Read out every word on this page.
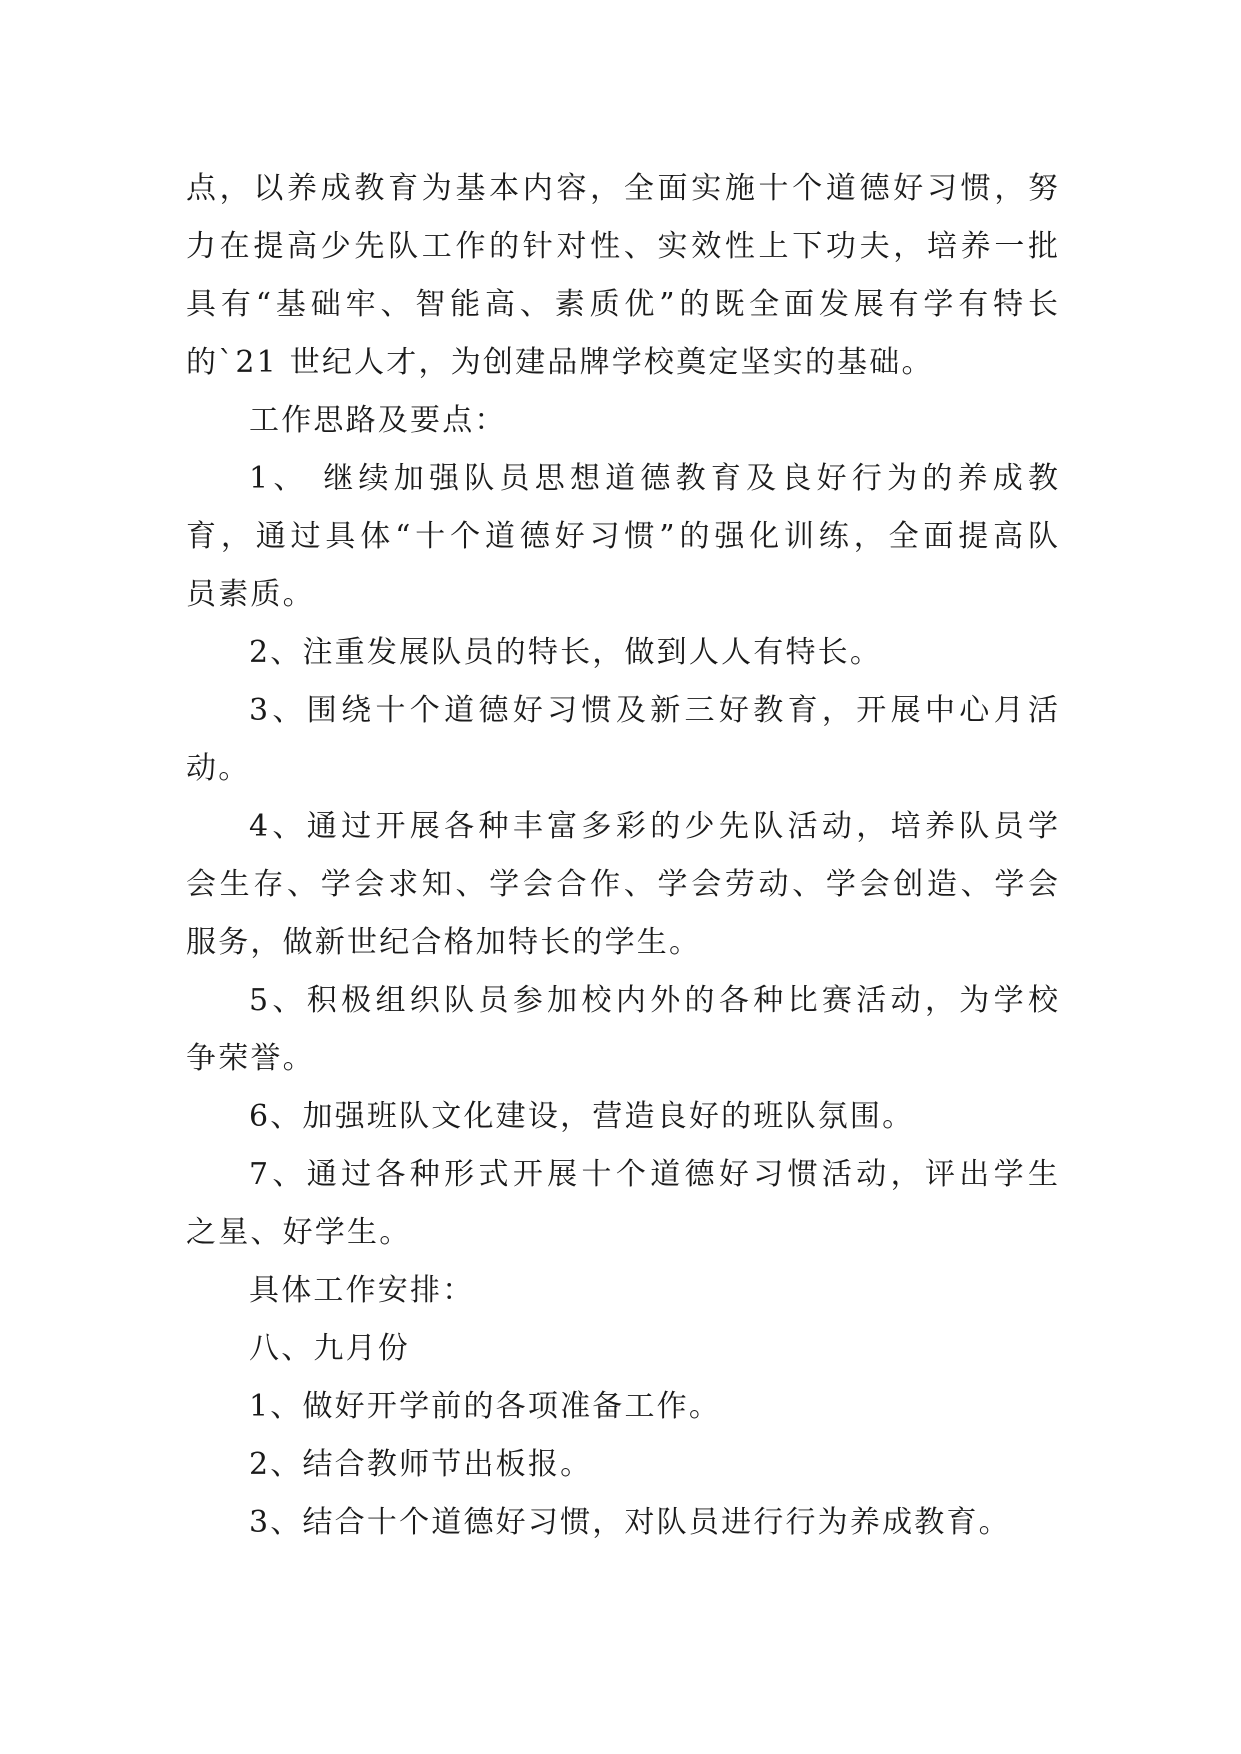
点，以养成教育为基本内容，全面实施十个道德好习惯，努
力在提高少先队工作的针对性、实效性上下功夫，培养一批
具有“基础牢、智能高、素质优”的既全面发展有学有特长
的`21 世纪人才，为创建品牌学校奠定坚实的基础。
工作思路及要点：
1、 继续加强队员思想道德教育及良好行为的养成教
育，通过具体“十个道德好习惯”的强化训练，全面提高队
员素质。
2、注重发展队员的特长，做到人人有特长。
3、围绕十个道德好习惯及新三好教育，开展中心月活
动。
4、通过开展各种丰富多彩的少先队活动，培养队员学
会生存、学会求知、学会合作、学会劳动、学会创造、学会
服务，做新世纪合格加特长的学生。
5、积极组织队员参加校内外的各种比赛活动，为学校
争荣誉。
6、加强班队文化建设，营造良好的班队氛围。
7、通过各种形式开展十个道德好习惯活动，评出学生
之星、好学生。
具体工作安排：
八、九月份
1、做好开学前的各项准备工作。
2、结合教师节出板报。
3、结合十个道德好习惯，对队员进行行为养成教育。
